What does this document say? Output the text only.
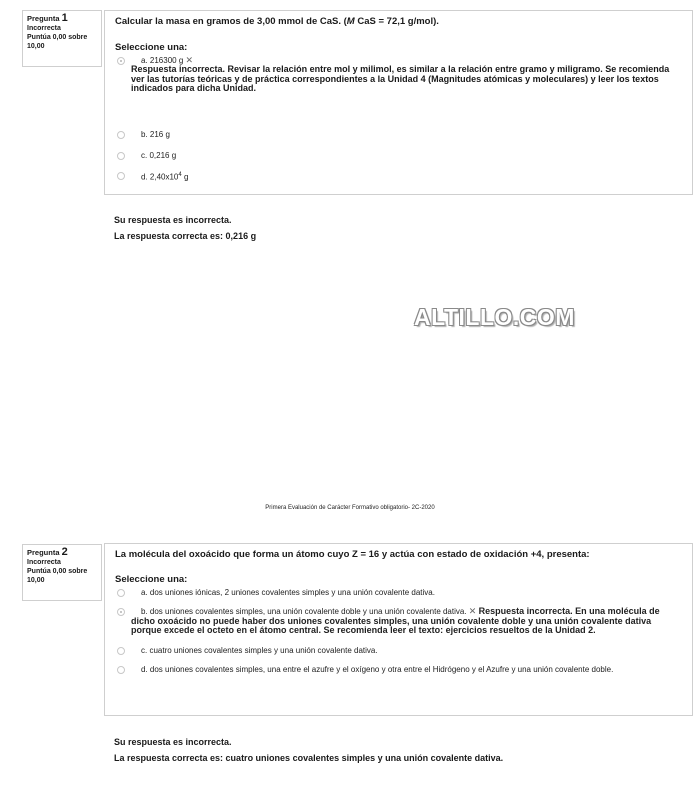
Pregunta 1
Incorrecta
Puntúa 0,00 sobre 10,00
Calcular la masa en gramos de 3,00 mmol de CaS. (M CaS = 72,1 g/mol).
Seleccione una:
a. 216300 g ✕
Respuesta incorrecta. Revisar la relación entre mol y milimol, es similar a la relación entre gramo y miligramo. Se recomienda ver las tutorías teóricas y de práctica correspondientes a la Unidad 4 (Magnitudes atómicas y moleculares) y leer los textos indicados para dicha Unidad.
b. 216 g
c. 0,216 g
d. $2,40x10^4$ g
Su respuesta es incorrecta.
La respuesta correcta es: 0,216 g
ALTILLO.COM
Primera Evaluación de Carácter Formativo obligatorio- 2C-2020
Pregunta 2
Incorrecta
Puntúa 0,00 sobre 10,00
La molécula del oxoácido que forma un átomo cuyo Z = 16 y actúa con estado de oxidación +4, presenta:
Seleccione una:
a. dos uniones iónicas, 2 uniones covalentes simples y una unión covalente dativa.
b. dos uniones covalentes simples, una unión covalente doble y una unión covalente dativa. ✕ Respuesta incorrecta. En una molécula de dicho oxoácido no puede haber dos uniones covalentes simples, una unión covalente doble y una unión covalente dativa porque excede el octeto en el átomo central. Se recomienda leer el texto: ejercicios resueltos de la Unidad 2.
c. cuatro uniones covalentes simples y una unión covalente dativa.
d. dos uniones covalentes simples, una entre el azufre y el oxígeno y otra entre el Hidrógeno y el Azufre y una unión covalente doble.
Su respuesta es incorrecta.
La respuesta correcta es: cuatro uniones covalentes simples y una unión covalente dativa.
